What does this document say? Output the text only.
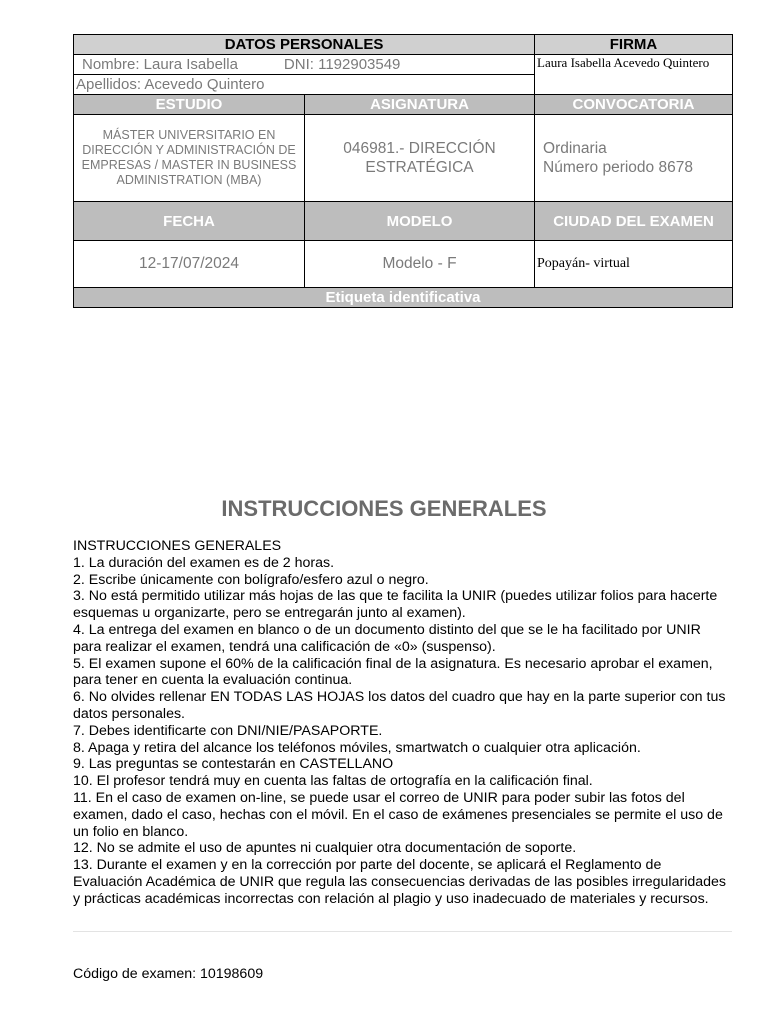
DATOS PERSONALES		FIRMA
Nombre: Laura Isabella DNI: 1192903549		Laura Isabella Acevedo Quintero
Apellidos: Acevedo Quintero		
ESTUDIO	ASIGNATURA	CONVOCATORIA
MÁSTER UNIVERSITARIO EN DIRECCIÓN Y ADMINISTRACIÓN DE EMPRESAS / MASTER IN BUSINESS ADMINISTRATION (MBA)	046981.- DIRECCIÓN ESTRATÉGICA	Ordinaria
Número periodo 8678

FECHA	MODELO	CIUDAD DEL EXAMEN
12-17/07/2024	Modelo - F	Popayán- virtual
Etiqueta identificativa		
INSTRUCCIONES GENERALES

INSTRUCCIONES GENERALES

1. La duración del examen es de 2 horas.

2. Escribe únicamente con bolígrafo/esfero azul o negro.

3. No está permitido utilizar más hojas de las que te facilita la UNIR (puedes utilizar folios para hacerte esquemas u organizarte, pero se entregarán junto al examen).

4. La entrega del examen en blanco o de un documento distinto del que se le ha facilitado por UNIR para realizar el examen, tendrá una calificación de «0» (suspenso).

5. El examen supone el 60% de la calificación final de la asignatura. Es necesario aprobar el examen, para tener en cuenta la evaluación continua.

6. No olvides rellenar EN TODAS LAS HOJAS los datos del cuadro que hay en la parte superior con tus datos personales.

7. Debes identificarte con DNI/NIE/PASAPORTE.

8. Apaga y retira del alcance los teléfonos móviles, smartwatch o cualquier otra aplicación.

9. Las preguntas se contestarán en CASTELLANO

10. El profesor tendrá muy en cuenta las faltas de ortografía en la calificación final.

11. En el caso de examen on-line, se puede usar el correo de UNIR para poder subir las fotos del examen, dado el caso, hechas con el móvil. En el caso de exámenes presenciales se permite el uso de un folio en blanco.

12. No se admite el uso de apuntes ni cualquier otra documentación de soporte.

13. Durante el examen y en la corrección por parte del docente, se aplicará el Reglamento de Evaluación Académica de UNIR que regula las consecuencias derivadas de las posibles irregularidades y prácticas académicas incorrectas con relación al plagio y uso inadecuado de materiales y recursos.

Código de examen: 10198609
